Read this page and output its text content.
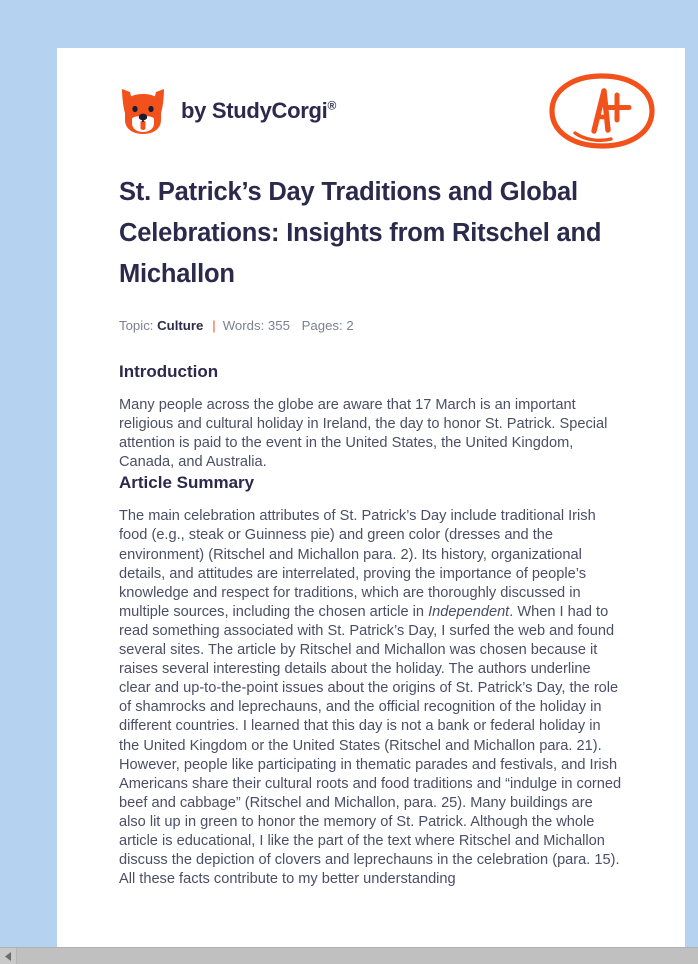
by StudyCorgi®
St. Patrick’s Day Traditions and Global Celebrations: Insights from Ritschel and Michallon
Topic: Culture | Words: 355 Pages: 2
Introduction

Many people across the globe are aware that 17 March is an important religious and cultural holiday in Ireland, the day to honor St. Patrick. Special attention is paid to the event in the United States, the United Kingdom, Canada, and Australia.

Article Summary

The main celebration attributes of St. Patrick’s Day include traditional Irish food (e.g., steak or Guinness pie) and green color (dresses and the environment) (Ritschel and Michallon para. 2). Its history, organizational details, and attitudes are interrelated, proving the importance of people’s knowledge and respect for traditions, which are thoroughly discussed in multiple sources, including the chosen article in Independent. When I had to read something associated with St. Patrick’s Day, I surfed the web and found several sites. The article by Ritschel and Michallon was chosen because it raises several interesting details about the holiday. The authors underline clear and up-to-the-point issues about the origins of St. Patrick’s Day, the role of shamrocks and leprechauns, and the official recognition of the holiday in different countries. I learned that this day is not a bank or federal holiday in the United Kingdom or the United States (Ritschel and Michallon para. 21). However, people like participating in thematic parades and festivals, and Irish Americans share their cultural roots and food traditions and “indulge in corned beef and cabbage” (Ritschel and Michallon, para. 25). Many buildings are also lit up in green to honor the memory of St. Patrick. Although the whole article is educational, I like the part of the text where Ritschel and Michallon discuss the depiction of clovers and leprechauns in the celebration (para. 15). All these facts contribute to my better understanding
